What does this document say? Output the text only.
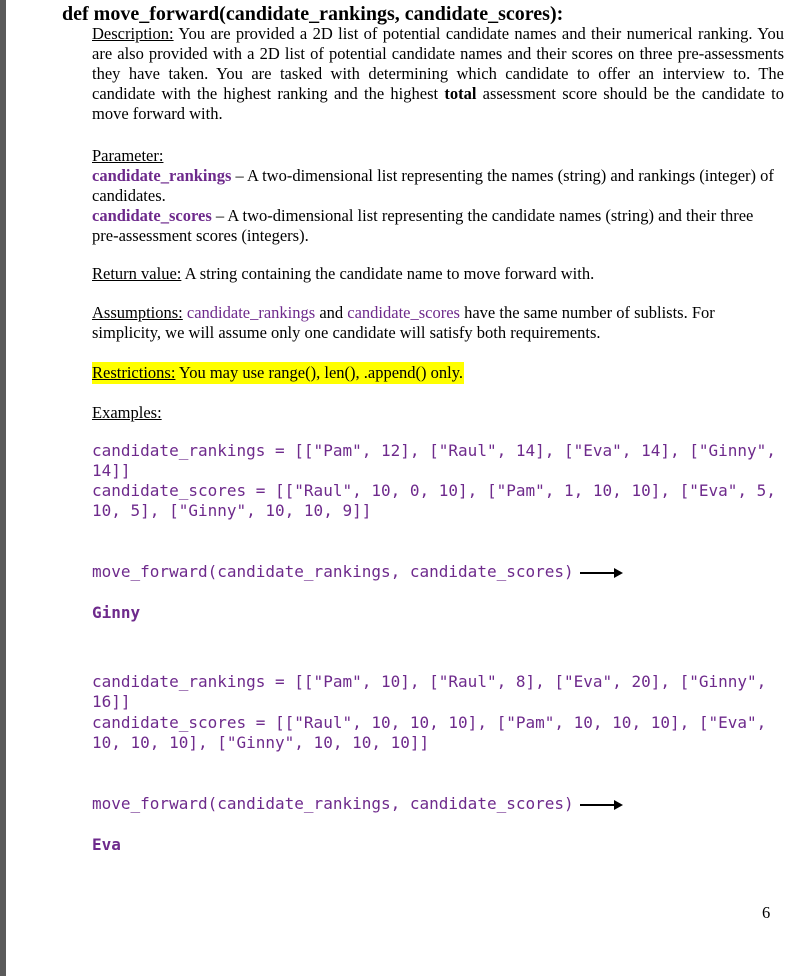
def move_forward(candidate_rankings, candidate_scores):
Description: You are provided a 2D list of potential candidate names and their numerical ranking. You are also provided with a 2D list of potential candidate names and their scores on three pre-assessments they have taken. You are tasked with determining which candidate to offer an interview to. The candidate with the highest ranking and the highest total assessment score should be the candidate to move forward with.
Parameter:
candidate_rankings – A two-dimensional list representing the names (string) and rankings (integer) of candidates.
candidate_scores – A two-dimensional list representing the candidate names (string) and their three pre-assessment scores (integers).
Return value: A string containing the candidate name to move forward with.
Assumptions: candidate_rankings and candidate_scores have the same number of sublists. For simplicity, we will assume only one candidate will satisfy both requirements.
Restrictions: You may use range(), len(), .append() only.
Examples:
candidate_rankings = [["Pam", 12], ["Raul", 14], ["Eva", 14], ["Ginny",
14]]
candidate_scores = [["Raul", 10, 0, 10], ["Pam", 1, 10, 10], ["Eva", 5,
10, 5], ["Ginny", 10, 10, 9]]
move_forward(candidate_rankings, candidate_scores)
Ginny
candidate_rankings = [["Pam", 10], ["Raul", 8], ["Eva", 20], ["Ginny",
16]]
candidate_scores = [["Raul", 10, 10, 10], ["Pam", 10, 10, 10], ["Eva",
10, 10, 10], ["Ginny", 10, 10, 10]]
move_forward(candidate_rankings, candidate_scores)
Eva
6
